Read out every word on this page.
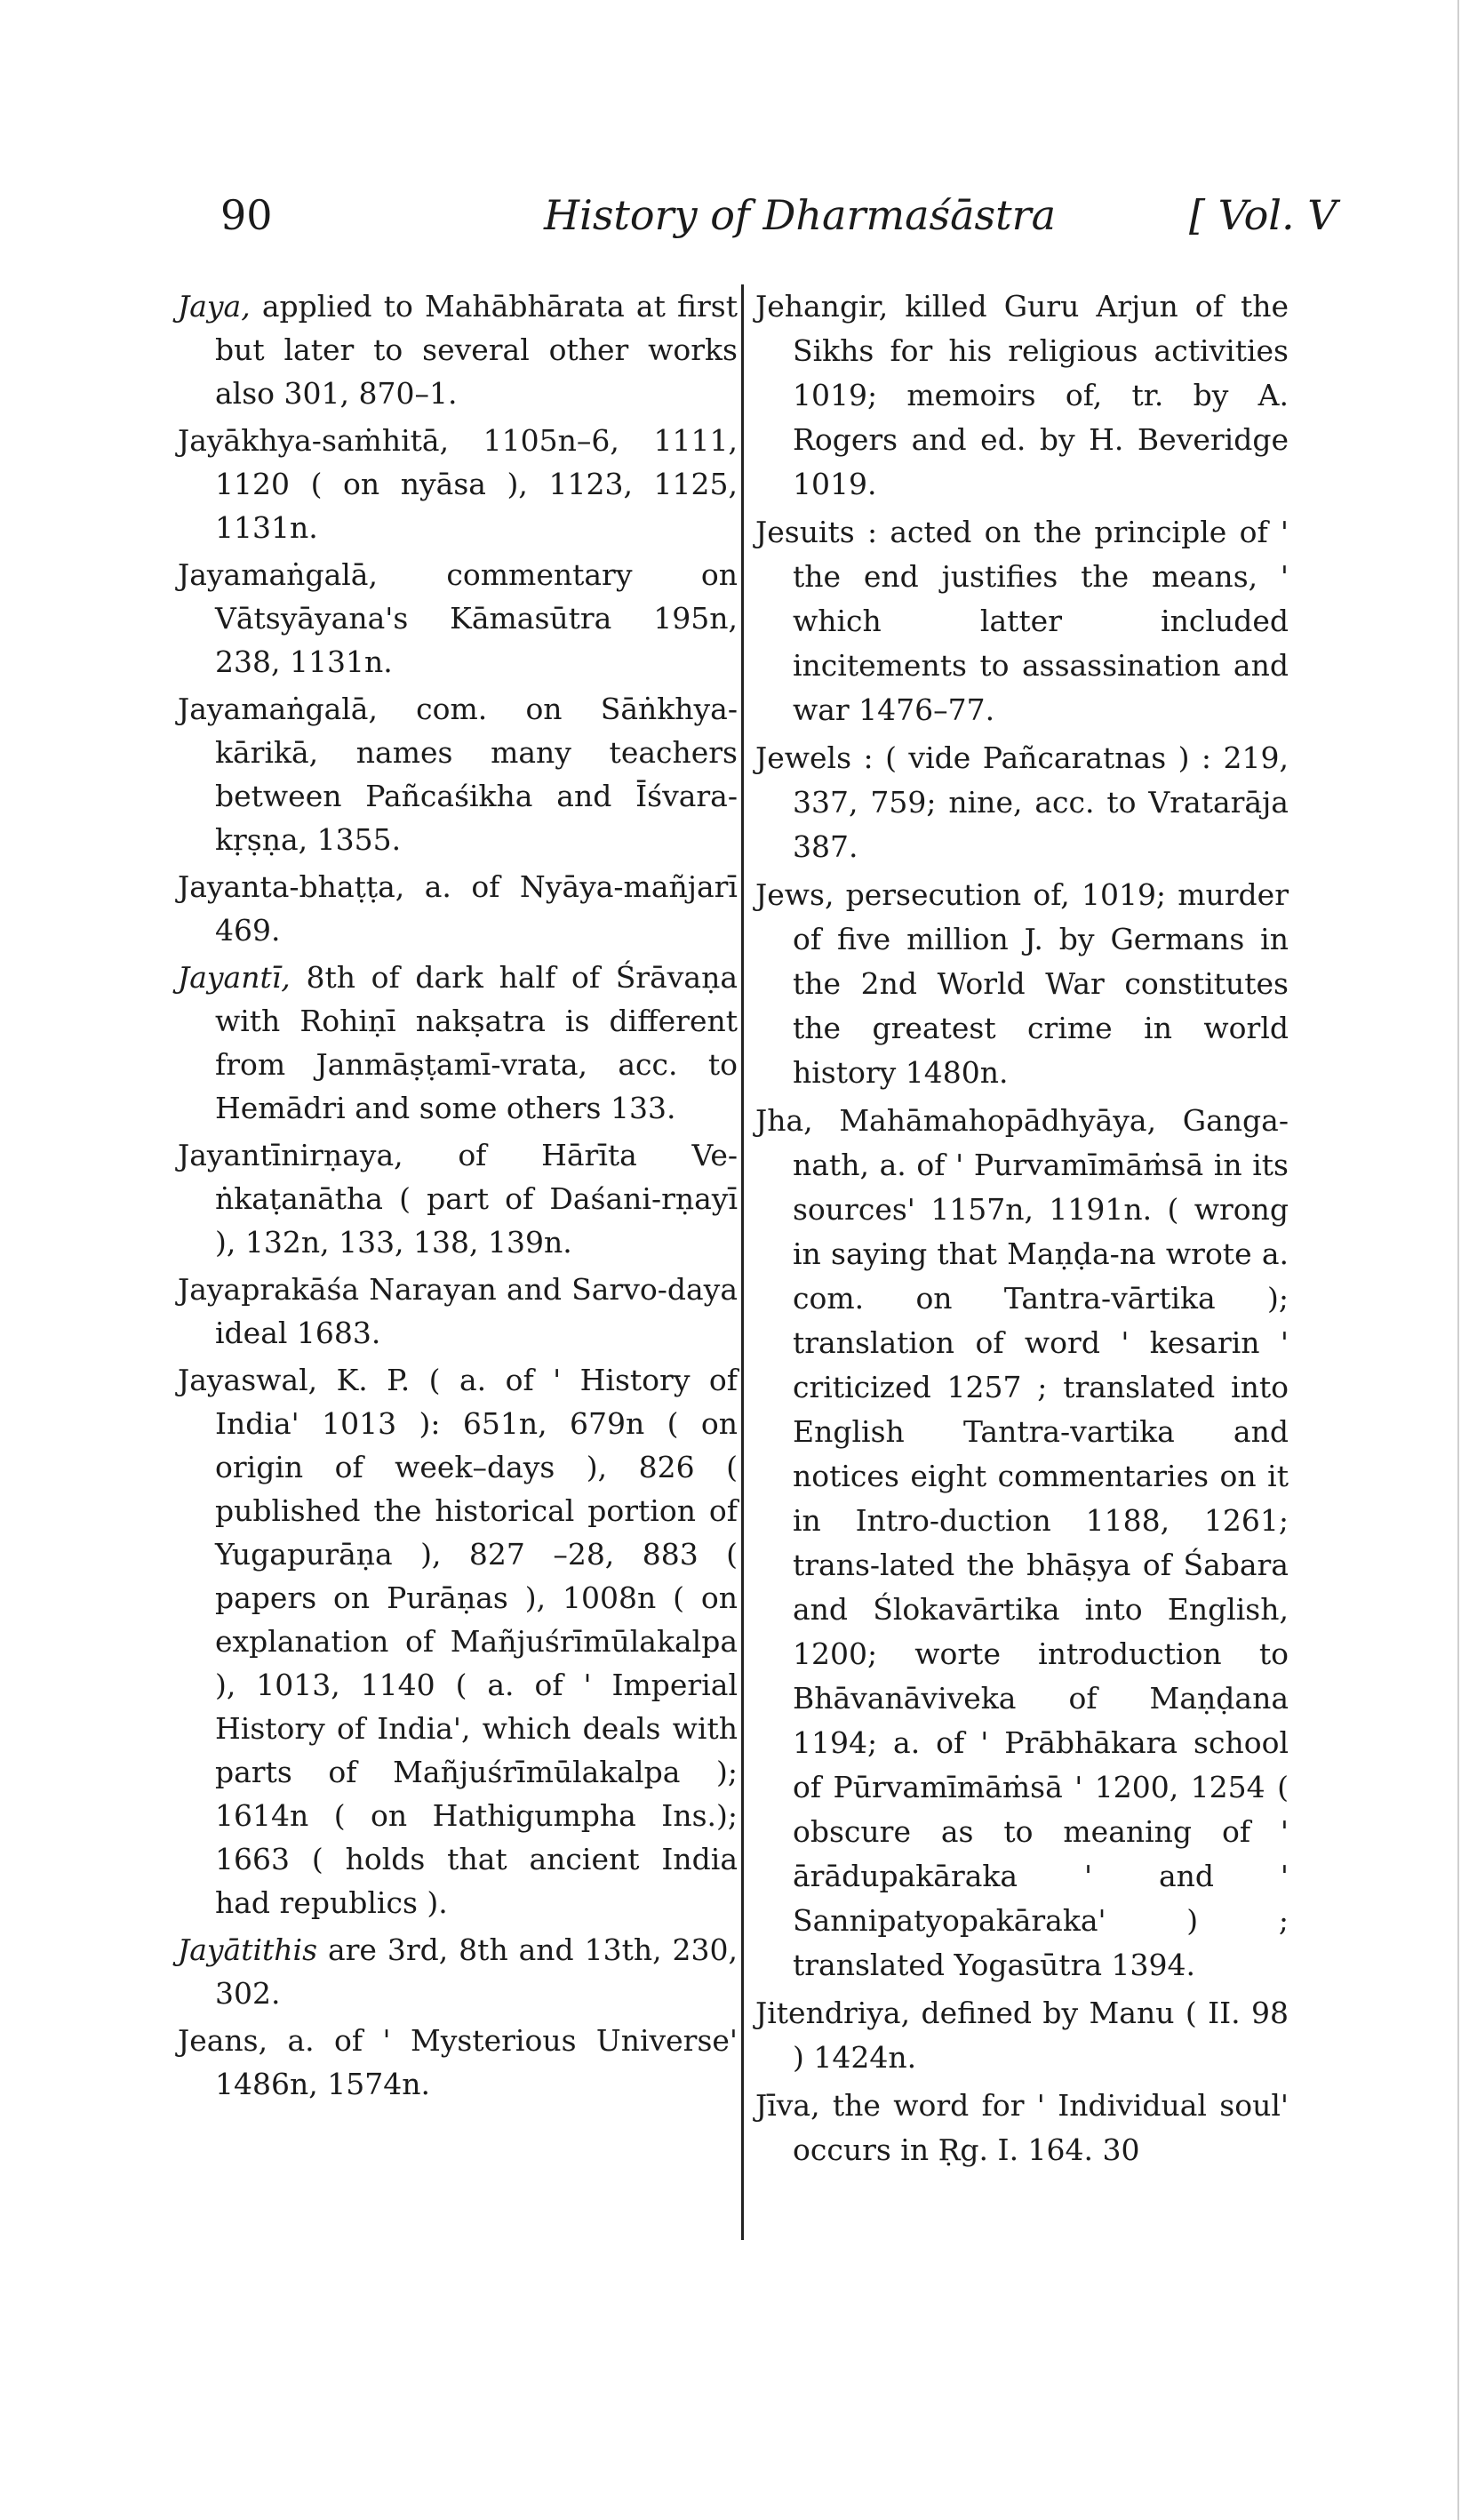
90	History of Dharmaśāstra	[ Vol. V

Jaya, applied to Mahābhārata at first but later to several other works also 301, 870–1.

Jayākhya-saṁhitā, 1105n–6, 1111, 1120 ( on nyāsa ), 1123, 1125, 1131n.

Jayamaṅgalā, commentary on Vātsyāyana's Kāmasūtra 195n, 238, 1131n.

Jayamaṅgalā, com. on Sāṅkhya-kārikā, names many teachers between Pañcaśikha and Īśvara-kṛṣṇa, 1355.

Jayanta-bhaṭṭa, a. of Nyāya-mañjarī 469.

Jayantī, 8th of dark half of Śrāvaṇa with Rohiṇī nakṣatra is different from Janmāṣṭamī-vrata, acc. to Hemādri and some others 133.

Jayantīnirṇaya, of Hārīta Ve-ṅkaṭanātha ( part of Daśani-rṇayī ), 132n, 133, 138, 139n.

Jayaprakāśa Narayan and Sarvo-daya ideal 1683.

Jayaswal, K. P. ( a. of ' History of India' 1013 ): 651n, 679n ( on origin of week–days ), 826 ( published the historical portion of Yugapurāṇa ), 827 –28, 883 ( papers on Purāṇas ), 1008n ( on explanation of Mañjuśrīmūlakalpa ), 1013, 1140 ( a. of ' Imperial History of India', which deals with parts of Mañjuśrīmūlakalpa ); 1614n ( on Hathigumpha Ins.); 1663 ( holds that ancient India had republics ).

Jayātithis are 3rd, 8th and 13th, 230, 302.

Jeans, a. of ' Mysterious Universe' 1486n, 1574n.

Jehangir, killed Guru Arjun of the Sikhs for his religious activities 1019; memoirs of, tr. by A. Rogers and ed. by H. Beveridge 1019.

Jesuits : acted on the principle of ' the end justifies the means, ' which latter included incitements to assassination and war 1476–77.

Jewels : ( vide Pañcaratnas ) : 219, 337, 759; nine, acc. to Vratarāja 387.

Jews, persecution of, 1019; murder of five million J. by Germans in the 2nd World War constitutes the greatest crime in world history 1480n.

Jha, Mahāmahopādhyāya, Ganga-nath, a. of ' Purvamīmāṁsā in its sources' 1157n, 1191n. ( wrong in saying that Maṇḍa-na wrote a. com. on Tantra-vārtika ); translation of word ' kesarin ' criticized 1257 ; translated into English Tantra-vartika and notices eight commentaries on it in Intro-duction 1188, 1261; trans-lated the bhāṣya of Śabara and Ślokavārtika into English, 1200; worte introduction to Bhāvanāviveka of Maṇḍana 1194; a. of ' Prābhākara school of Pūrvamīmāṁsā ' 1200, 1254 ( obscure as to meaning of ' ārādupakāraka ' and ' Sannipatyopakāraka' ) ; translated Yogasūtra 1394.

Jitendriya, defined by Manu ( II. 98 ) 1424n.

Jīva, the word for ' Individual soul' occurs in Ṛg. I. 164. 30
